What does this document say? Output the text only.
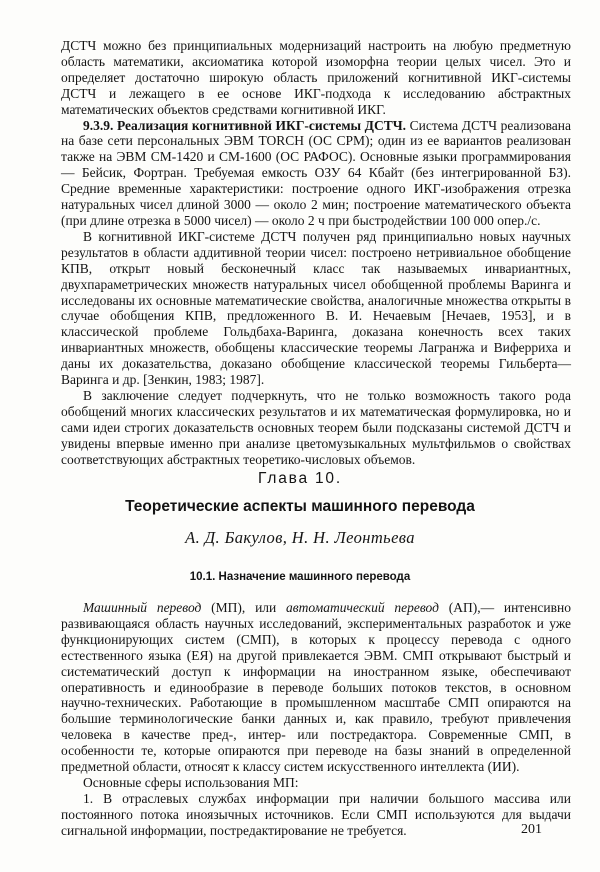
ДСТЧ можно без принципиальных модернизаций настроить на любую предметную область математики, аксиоматика которой изоморфна теории целых чисел. Это и определяет достаточно широкую область приложений когнитивной ИКГ-системы ДСТЧ и лежащего в ее основе ИКГ-подхода к исследованию абстрактных математических объектов средствами когнитивной ИКГ.

9.3.9. Реализация когнитивной ИКГ-системы ДСТЧ. Система ДСТЧ реализована на базе сети персональных ЭВМ TORCH (ОС СРМ); один из ее вариантов реализован также на ЭВМ СМ-1420 и СМ-1600 (ОС РАФОС). Основные языки программирования — Бейсик, Фортран. Требуемая емкость ОЗУ 64 Кбайт (без интегрированной БЗ). Средние временные характеристики: построение одного ИКГ-изображения отрезка натуральных чисел длиной 3000 — около 2 мин; построение математического объекта (при длине отрезка в 5000 чисел) — около 2 ч при быстродействии 100 000 опер./с.

В когнитивной ИКГ-системе ДСТЧ получен ряд принципиально новых научных результатов в области аддитивной теории чисел: построено нетривиальное обобщение КПВ, открыт новый бесконечный класс так называемых инвариантных, двухпараметрических множеств натуральных чисел обобщенной проблемы Варинга и исследованы их основные математические свойства, аналогичные множества открыты в случае обобщения КПВ, предложенного В. И. Нечаевым [Нечаев, 1953], и в классической проблеме Гольдбаха-Варинга, доказана конечность всех таких инвариантных множеств, обобщены классические теоремы Лагранжа и Виферриха и даны их доказательства, доказано обобщение классической теоремы Гильберта—Варинга и др. [Зенкин, 1983; 1987].

В заключение следует подчеркнуть, что не только возможность такого рода обобщений многих классических результатов и их математическая формулировка, но и сами идеи строгих доказательств основных теорем были подсказаны системой ДСТЧ и увидены впервые именно при анализе цветомузыкальных мультфильмов о свойствах соответствующих абстрактных теоретико-числовых объемов.

Глава 10.
Теоретические аспекты машинного перевода
А. Д. Бакулов, Н. Н. Леонтьева
10.1. Назначение машинного перевода

Машинный перевод (МП), или автоматический перевод (АП),— интенсивно развивающаяся область научных исследований, экспериментальных разработок и уже функционирующих систем (СМП), в которых к процессу перевода с одного естественного языка (ЕЯ) на другой привлекается ЭВМ. СМП открывают быстрый и систематический доступ к информации на иностранном языке, обеспечивают оперативность и единообразие в переводе больших потоков текстов, в основном научно-технических. Работающие в промышленном масштабе СМП опираются на большие терминологические банки данных и, как правило, требуют привлечения человека в качестве пред-, интер- или постредактора. Современные СМП, в особенности те, которые опираются при переводе на базы знаний в определенной предметной области, относят к классу систем искусственного интеллекта (ИИ).

Основные сферы использования МП:

1. В отраслевых службах информации при наличии большого массива или постоянного потока иноязычных источников. Если СМП используются для выдачи сигнальной информации, постредактирование не требуется.	201
